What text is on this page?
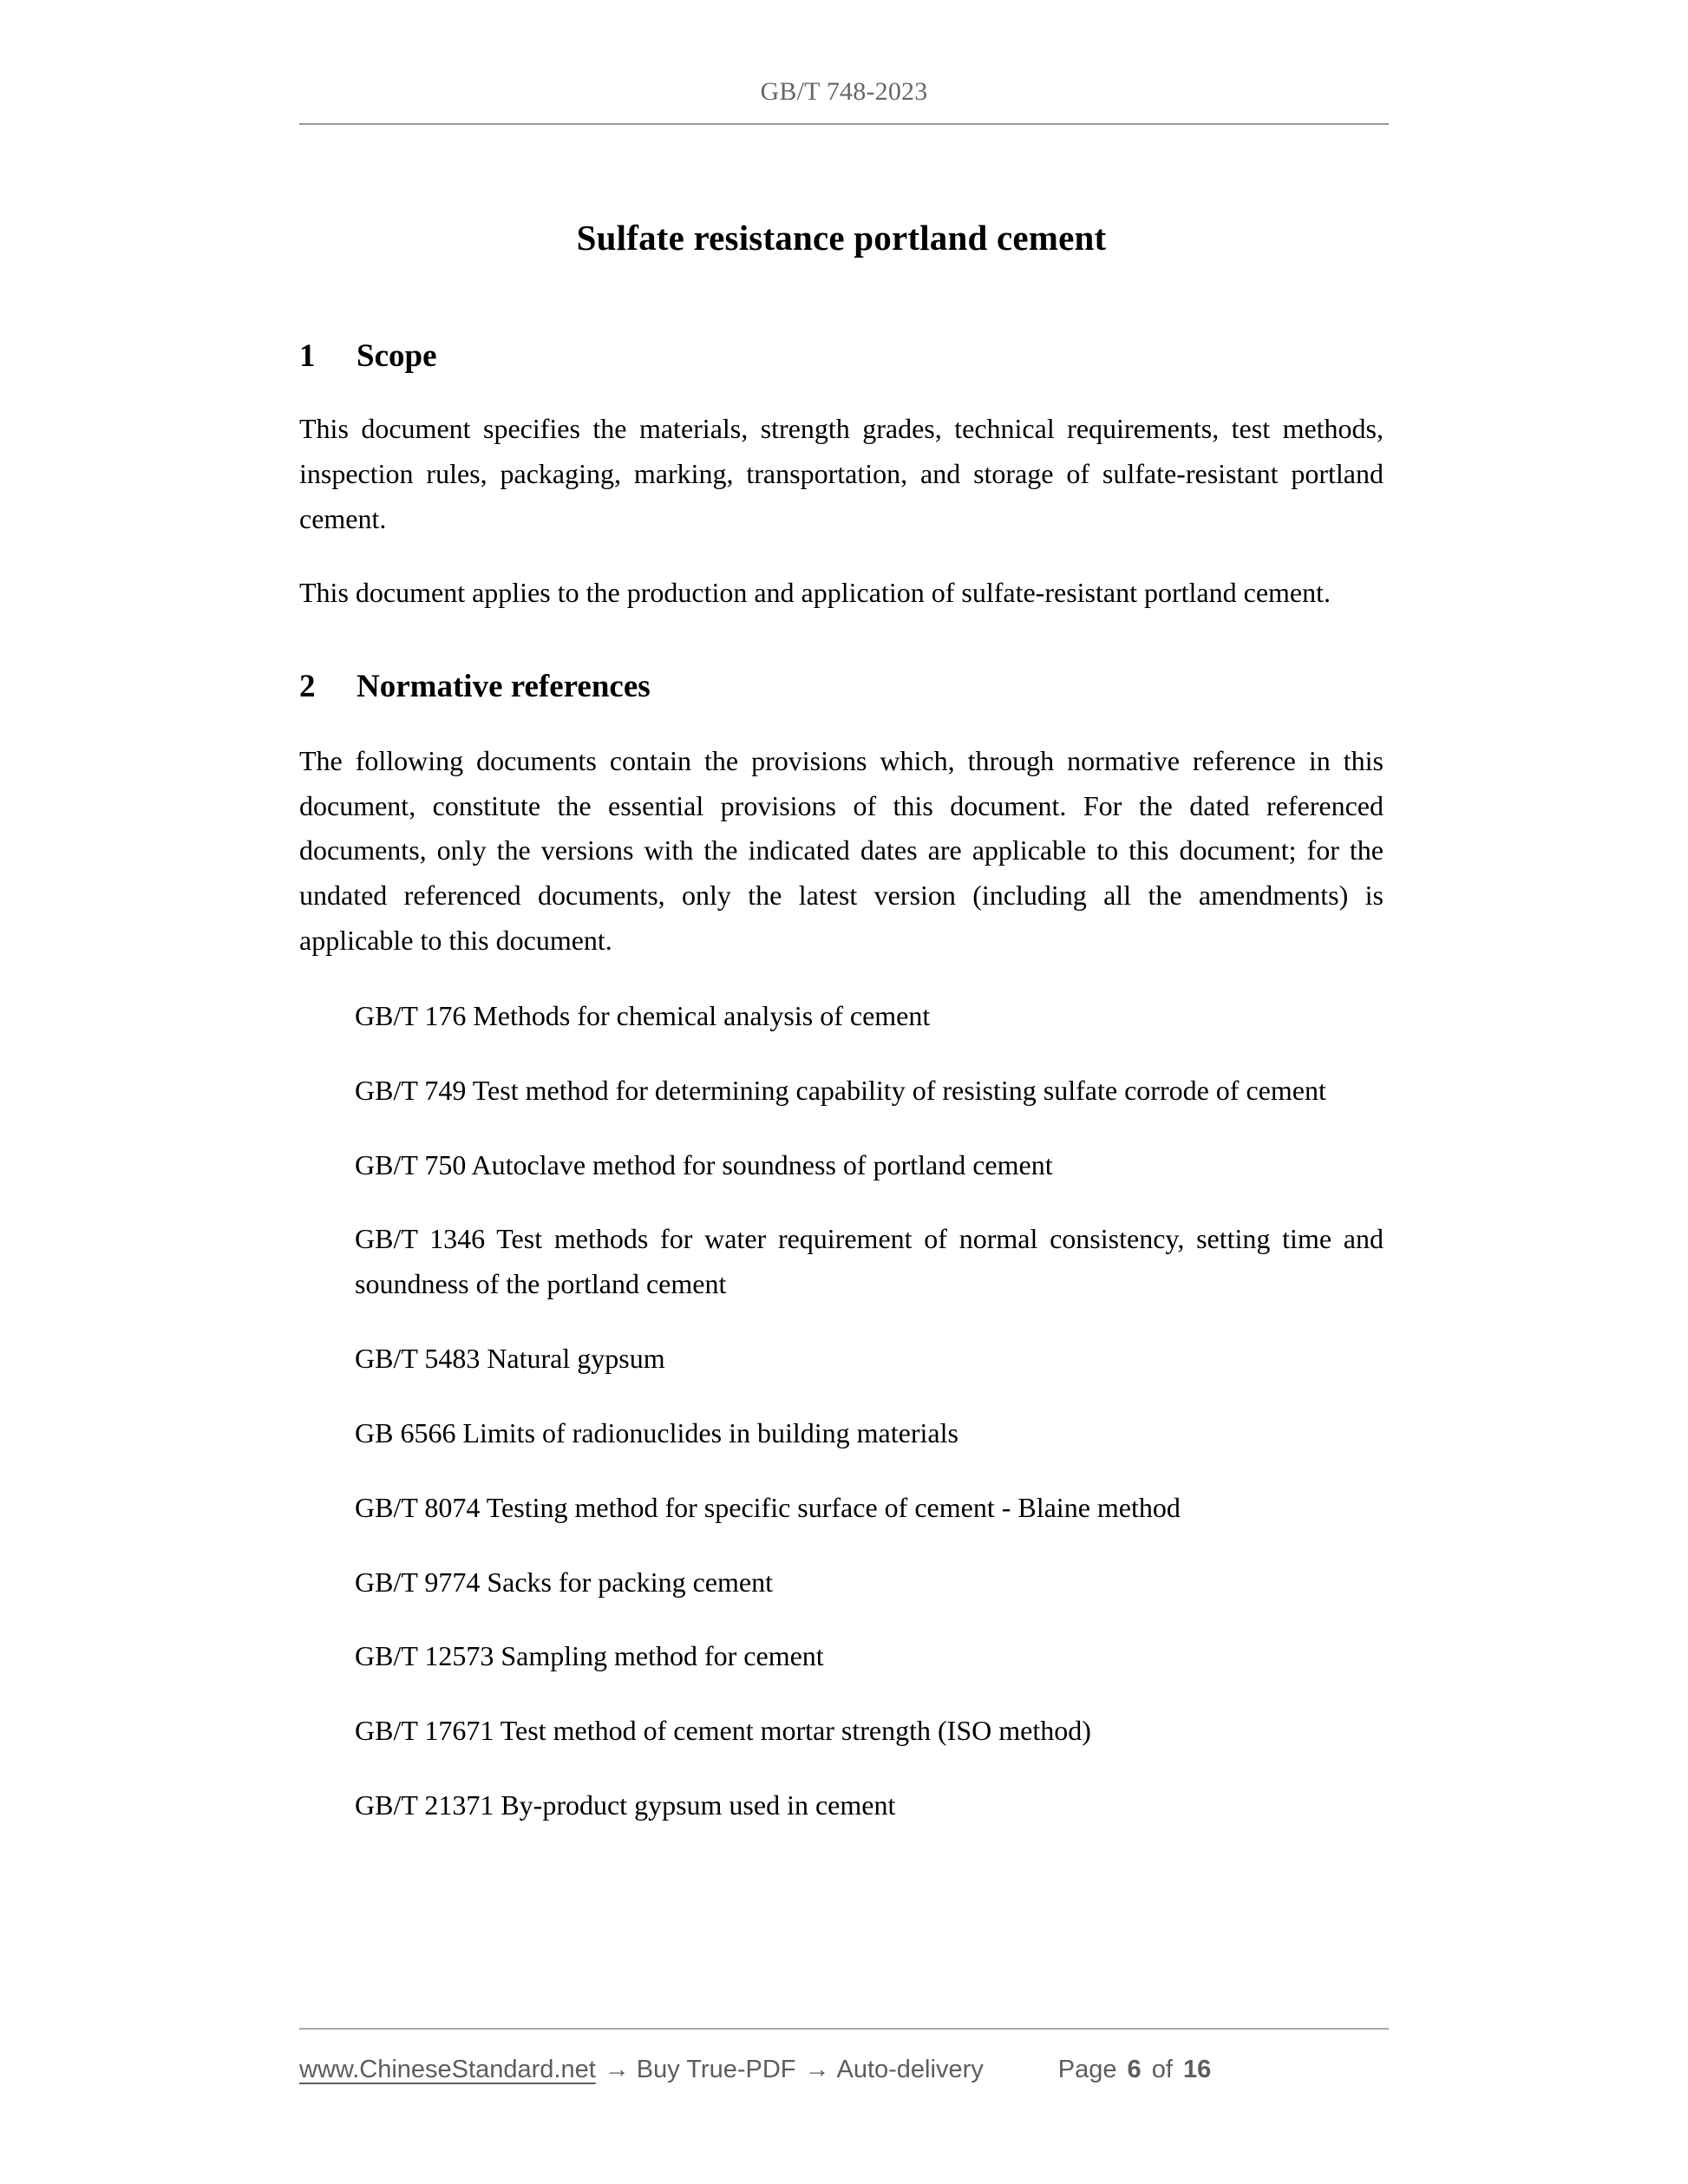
GB/T 748-2023
Sulfate resistance portland cement
1	Scope

This document specifies the materials, strength grades, technical requirements, test methods, inspection rules, packaging, marking, transportation, and storage of sulfate-resistant portland cement.

This document applies to the production and application of sulfate-resistant portland cement.

2	Normative references

The following documents contain the provisions which, through normative reference in this document, constitute the essential provisions of this document. For the dated referenced documents, only the versions with the indicated dates are applicable to this document; for the undated referenced documents, only the latest version (including all the amendments) is applicable to this document.

GB/T 176 Methods for chemical analysis of cement

GB/T 749 Test method for determining capability of resisting sulfate corrode of cement

GB/T 750 Autoclave method for soundness of portland cement

GB/T 1346 Test methods for water requirement of normal consistency, setting time and soundness of the portland cement

GB/T 5483 Natural gypsum

GB 6566 Limits of radionuclides in building materials

GB/T 8074 Testing method for specific surface of cement - Blaine method

GB/T 9774 Sacks for packing cement

GB/T 12573 Sampling method for cement

GB/T 17671 Test method of cement mortar strength (ISO method)

GB/T 21371 By-product gypsum used in cement

www.ChineseStandard.net → Buy True-PDF → Auto-delivery	Page 6 of 16
